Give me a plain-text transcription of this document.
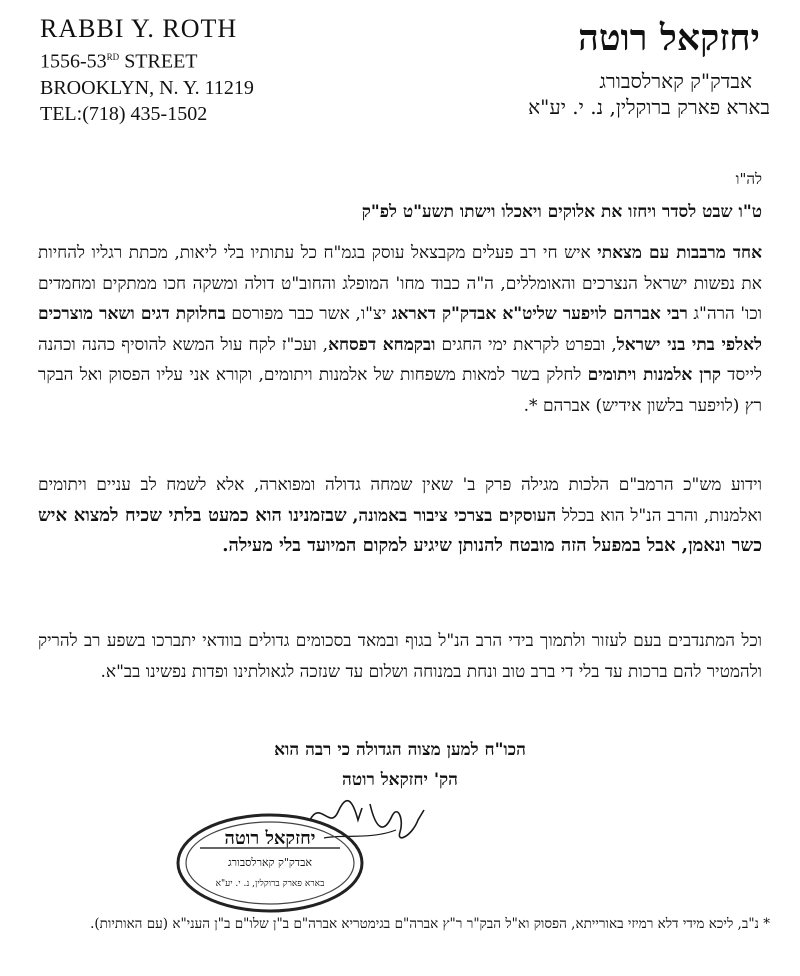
RABBI Y. ROTH
1556-53RD STREET
BROOKLYN, N. Y. 11219
TEL:(718) 435-1502
יחזקאל רוטה
אבדק"ק קארלסבורג
בארא פארק ברוקלין, נ. י. יע"א
לה"ו
ט"ו שבט לסדר ויחזו את אלוקים ויאכלו וישתו תשע"ט לפ"ק
אחד מרבבות עם מצאתי איש חי רב פעלים מקבצאל עוסק בגמ"ח כל עתותיו בלי ליאות, מכתת רגליו להחיות את נפשות ישראל הנצרכים והאומללים, ה"ה כבוד מחו' המופלג והחוב"ט דולה ומשקה חכו ממתקים ומחמדים וכו' הרה"ג רבי אברהם לויפער שליט"א אבדק"ק דאראג יצ"ו, אשר כבר מפורסם בחלוקת דגים ושאר מוצרכים לאלפי בתי בני ישראל, ובפרט לקראת ימי החגים ובקמחא דפסחא, ועכ"ז לקח עול המשא להוסיף כהנה וכהנה לייסד קרן אלמנות ויתומים לחלק בשר למאות משפחות של אלמנות ויתומים, וקורא אני עליו הפסוק ואל הבקר רץ (לויפער בלשון אידיש) אברהם *.
וידוע מש"כ הרמב"ם הלכות מגילה פרק ב' שאין שמחה גדולה ומפוארה, אלא לשמח לב עניים ויתומים ואלמנות, והרב הנ"ל הוא בכלל העוסקים בצרכי ציבור באמונה, שבזמנינו הוא כמעט בלתי שכיח למצוא איש כשר ונאמן, אבל במפעל הזה מובטח להנותן שיגיע למקום המיועד בלי מעילה.
וכל המתנדבים בעם לעזור ולתמוך בידי הרב הנ"ל בגוף ובמאד בסכומים גדולים בוודאי יתברכו בשפע רב להריק ולהמטיר להם ברכות עד בלי די ברב טוב ונחת במנוחה ושלום עד שנזכה לגאולתינו ופדות נפשינו בב"א.
הכו"ח למען מצוה הגדולה כי רבה הוא
הק' יחזקאל רוטה
יחזקאל רוטה
אבדק"ק קארלסבורג
בארא פארק ברוקלין, נ. י. יע"א
* נ"ב, ליכא מידי דלא רמיזי באורייתא, הפסוק וא"ל הבק"ר ר"ץ אברה"ם בגימטריא אברה"ם ב"ן שלו"ם ב"ן העני"א (עם האותיות).
